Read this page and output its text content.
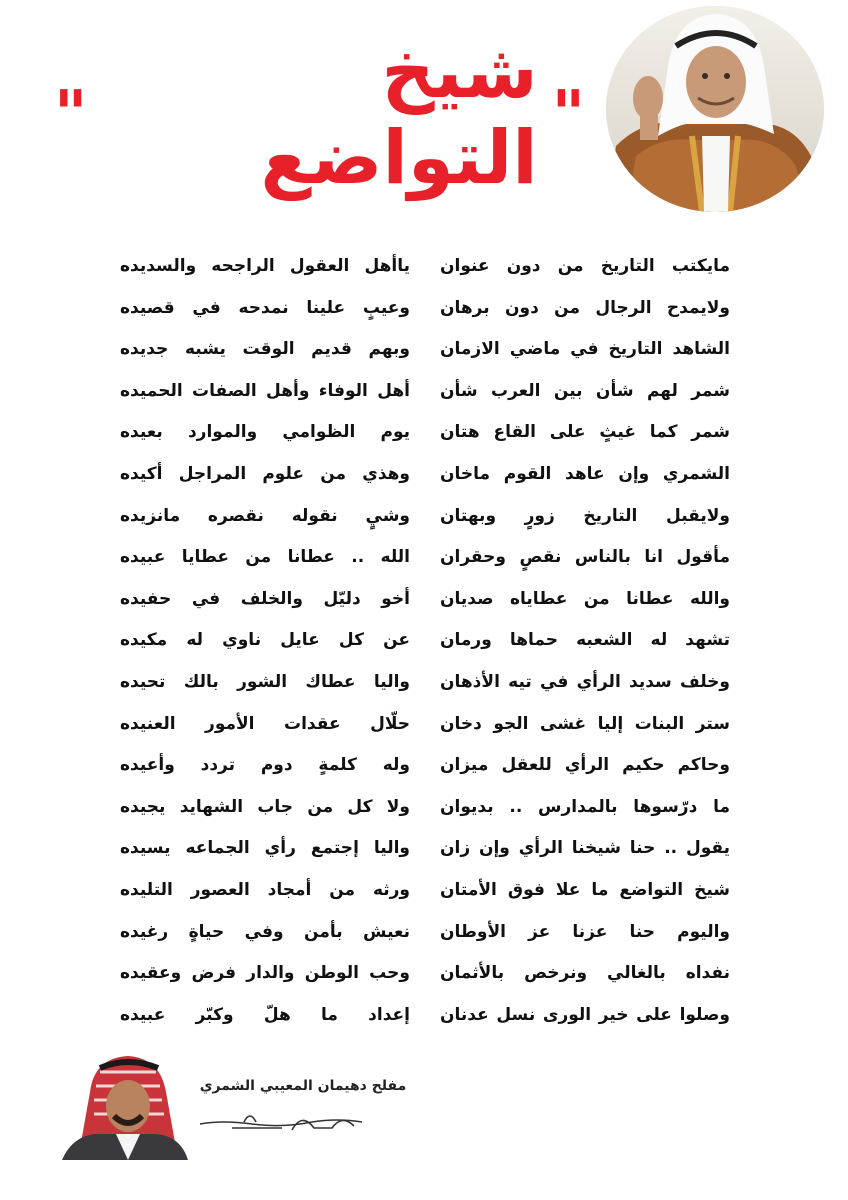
"
شيخ التواضع
"
مايكتب التاريخ من دون عنوان
ولايمدح الرجال من دون برهان
الشاهد التاريخ في ماضي الازمان
شمر لهم شأن بين العرب شأن
شمر كما غيثٍ على القاع هتان
الشمري وإن عاهد القوم ماخان
ولايقبل التاريخ زورٍ وبهتان
مأقول انا بالناس نقصٍ وحقران
والله عطانا من عطاياه صديان
تشهد له الشعبه حماها ورمان
وخلف سديد الرأي في تيه الأذهان
ستر البنات إليا غشى الجو دخان
وحاكم حكيم الرأي للعقل ميزان
ما درّسوها بالمدارس .. بديوان
يقول .. حنا شيخنا الرأي وإن زان
شيخ التواضع ما علا فوق الأمتان
واليوم حنا عزنا عز الأوطان
نفداه بالغالي ونرخص بالأثمان
وصلوا على خير الورى نسل عدنان
ياأهل العقول الراجحه والسديده
وعيبٍ علينا نمدحه في قصيده
وبهم قديم الوقت يشبه جديده
أهل الوفاء وأهل الصفات الحميده
يوم الظوامي والموارد بعيده
وهذي من علوم المراجل أكيده
وشيٍ نقوله نقصره مانزيده
الله .. عطانا من عطايا عبيده
أخو دليّل والخلف في حفيده
عن كل عايل ناوي له مكيده
واليا عطاك الشور بالك تحيده
حلّال عقدات الأمور العنيده
وله كلمةٍ دوم تردد وأعيده
ولا كل من جاب الشهايد يجيده
واليا إجتمع رأي الجماعه يسيده
ورثه من أمجاد العصور التليده
نعيش بأمن وفي حياةٍ رغيده
وحب الوطن والدار فرض وعقيده
إعداد ما هلّ وكبّر عبيده
مفلح دهيمان المعيبي الشمري
